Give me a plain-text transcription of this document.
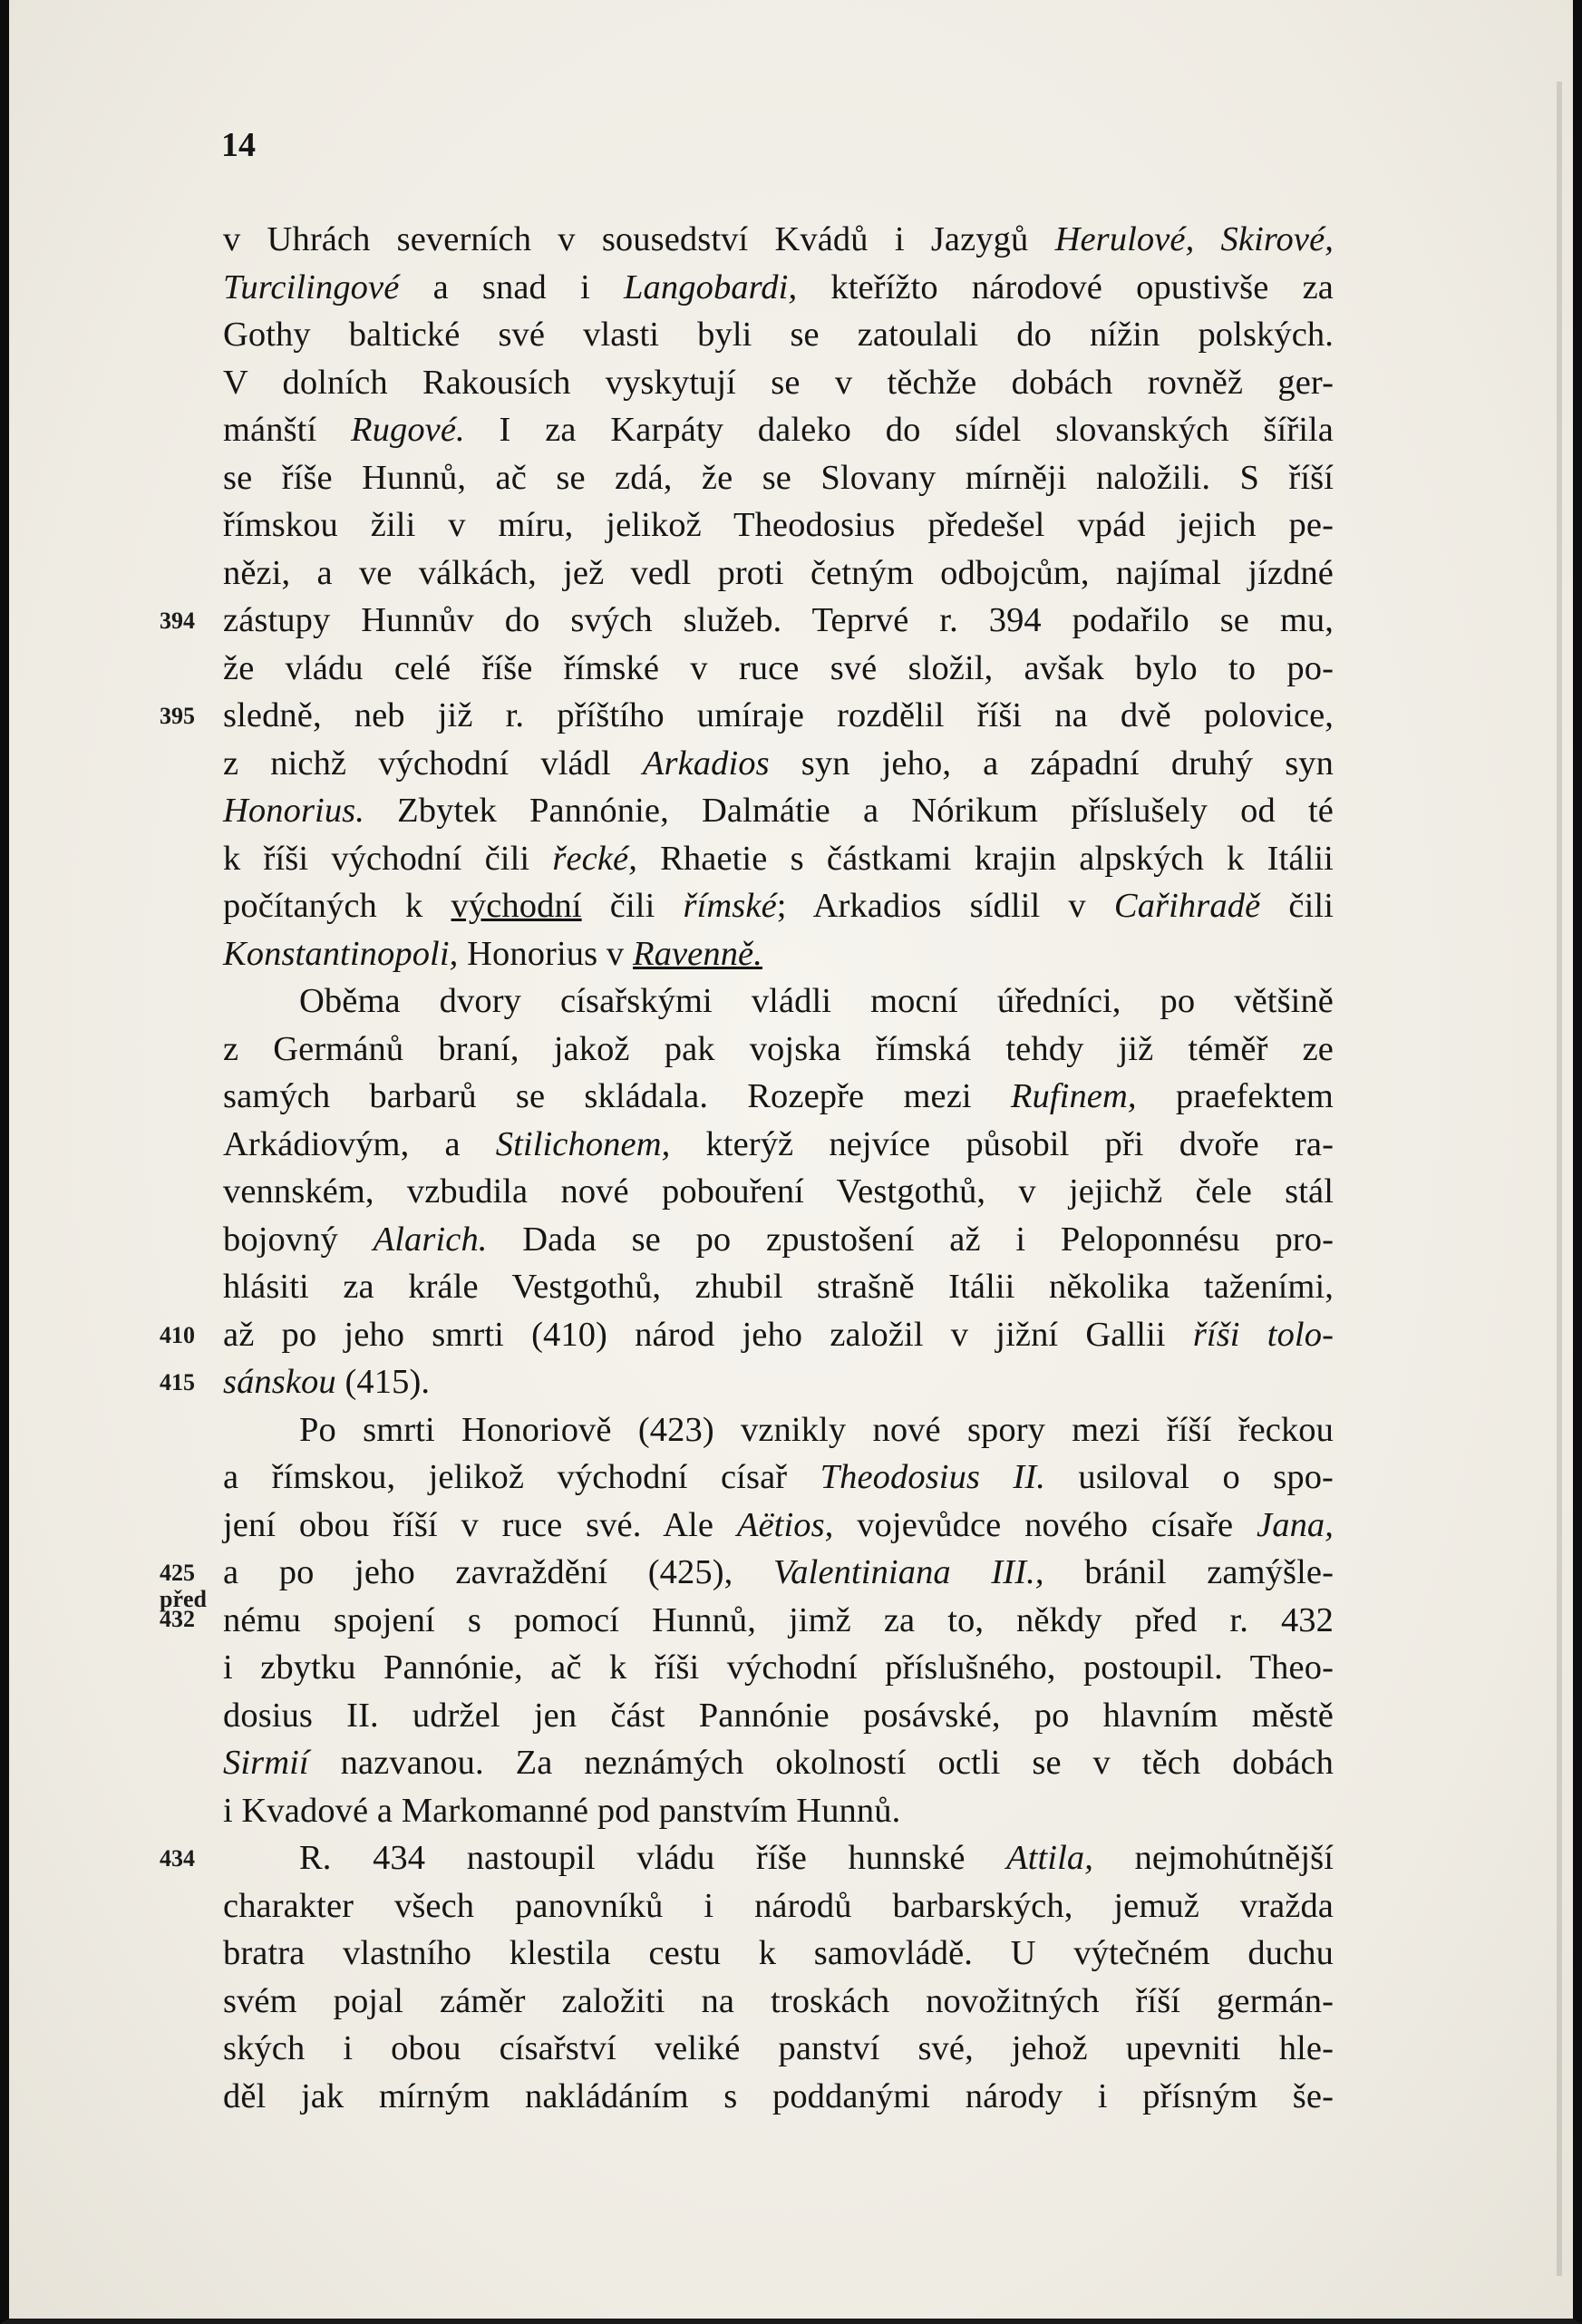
14
v Uhrách severních v sousedství Kvádů i Jazygů Herulové, Skirové,
Turcilingové a snad i Langobardi, kteřížto národové opustivše za
Gothy baltické své vlasti byli se zatoulali do nížin polských.
V dolních Rakousích vyskytují se v těchže dobách rovněž ger-
mánští Rugové. I za Karpáty daleko do sídel slovanských šířila
se říše Hunnů, ač se zdá, že se Slovany mírněji naložili. S říší
římskou žili v míru, jelikož Theodosius předešel vpád jejich pe-
nězi, a ve válkách, jež vedl proti četným odbojcům, najímal jízdné
zástupy Hunnův do svých služeb. Teprvé r. 394 podařilo se mu,
že vládu celé říše římské v ruce své složil, avšak bylo to po-
sledně, neb již r. příštího umíraje rozdělil říši na dvě polovice,
z nichž východní vládl Arkadios syn jeho, a západní druhý syn
Honorius. Zbytek Pannónie, Dalmátie a Nórikum příslušely od té
k říši východní čili řecké, Rhaetie s částkami krajin alpských k Itálii
počítaných k východní čili římské; Arkadios sídlil v Cařihradě čili
Konstantinopoli, Honorius v Ravenně.
Oběma dvory císařskými vládli mocní úředníci, po většině
z Germánů braní, jakož pak vojska římská tehdy již téměř ze
samých barbarů se skládala. Rozepře mezi Rufinem, praefektem
Arkádiovým, a Stilichonem, kterýž nejvíce působil při dvoře ra-
vennském, vzbudila nové pobouření Vestgothů, v jejichž čele stál
bojovný Alarich. Dada se po zpustošení až i Peloponnésu pro-
hlásiti za krále Vestgothů, zhubil strašně Itálii několika taženími,
až po jeho smrti (410) národ jeho založil v jižní Gallii říši tolo-
sánskou (415).
Po smrti Honoriově (423) vznikly nové spory mezi říší řeckou
a římskou, jelikož východní císař Theodosius II. usiloval o spo-
jení obou říší v ruce své. Ale Aëtios, vojevůdce nového císaře Jana,
a po jeho zavraždění (425), Valentiniana III., bránil zamýšle-
nému spojení s pomocí Hunnů, jimž za to, někdy před r. 432
i zbytku Pannónie, ač k říši východní příslušného, postoupil. Theo-
dosius II. udržel jen část Pannónie posávské, po hlavním městě
Sirmií nazvanou. Za neznámých okolností octli se v těch dobách
i Kvadové a Markomanné pod panstvím Hunnů.
R. 434 nastoupil vládu říše hunnské Attila, nejmohútnější
charakter všech panovníků i národů barbarských, jemuž vražda
bratra vlastního klestila cestu k samovládě. U výtečném duchu
svém pojal záměr založiti na troskách novožitných říší germán-
ských i obou císařství veliké panství své, jehož upevniti hle-
děl jak mírným nakládáním s poddanými národy i přísným še-
394
395
410
415
425
před
432
434
